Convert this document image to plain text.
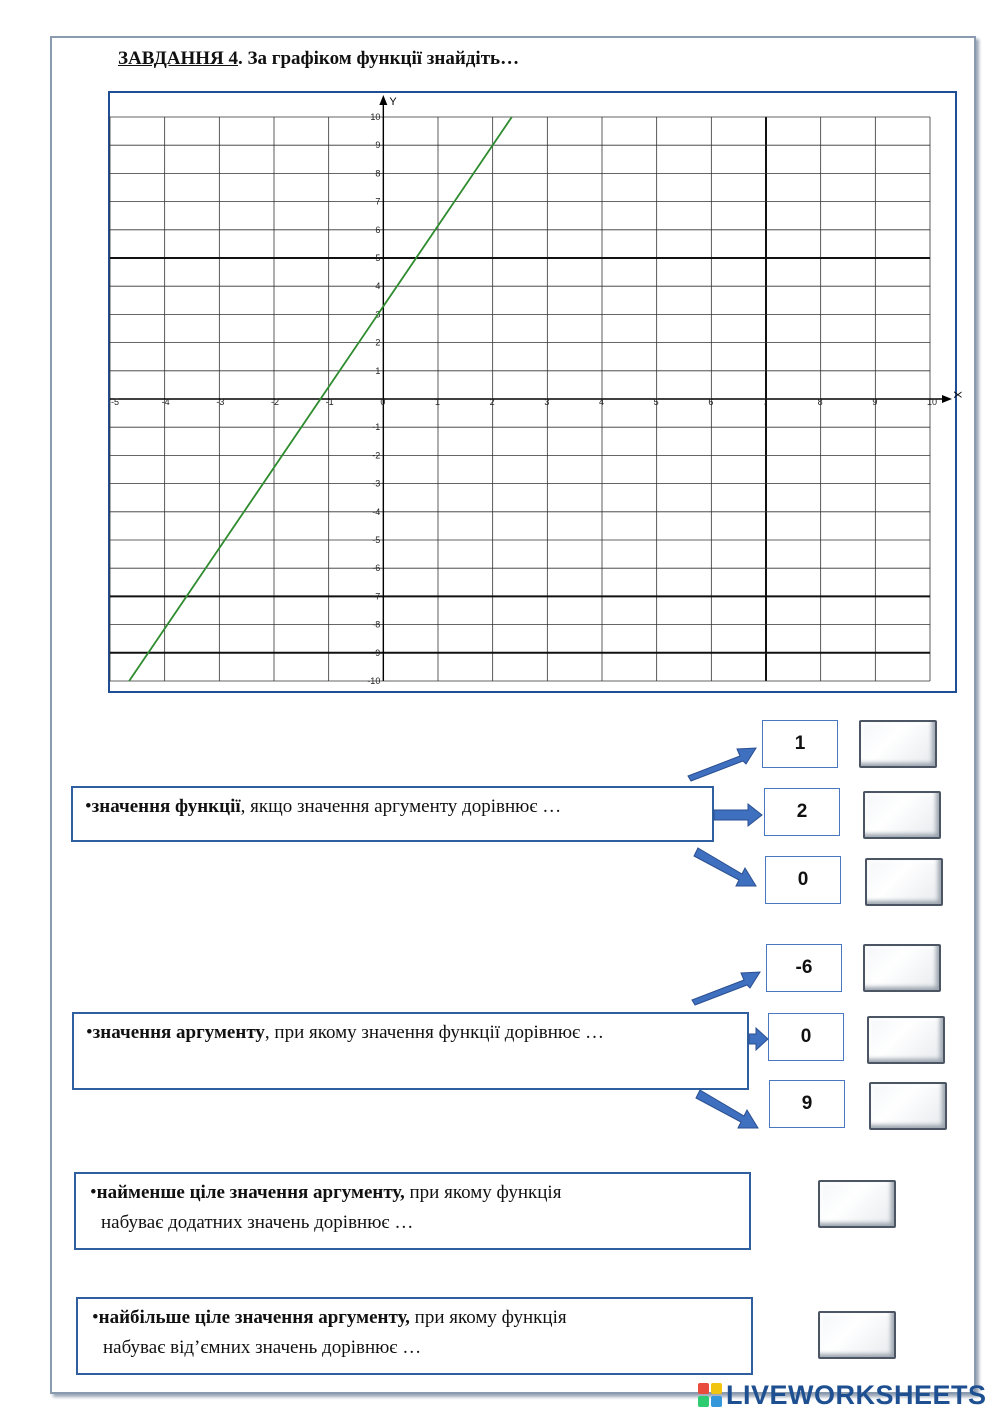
ЗАВДАННЯ 4. За графіком функції знайдіть…
X
Y
-5	-4	-3	-2	-1	0	1	2	3	4	5	6	7	8	9	10
10
9
8
7
6
5
4
3
2
1
-1
-2
-3
-4
-5
-6
-7
-8
-9
-10
•значення функції, якщо значення аргументу дорівнює …
1
2
0
•значення аргументу, при якому значення функції дорівнює …
-6
0
9
•найменше ціле значення аргументу, при якому функція
набуває додатних значень дорівнює …
•найбільше ціле значення аргументу, при якому функція
набуває від’ємних значень дорівнює …
LIVEWORKSHEETS
